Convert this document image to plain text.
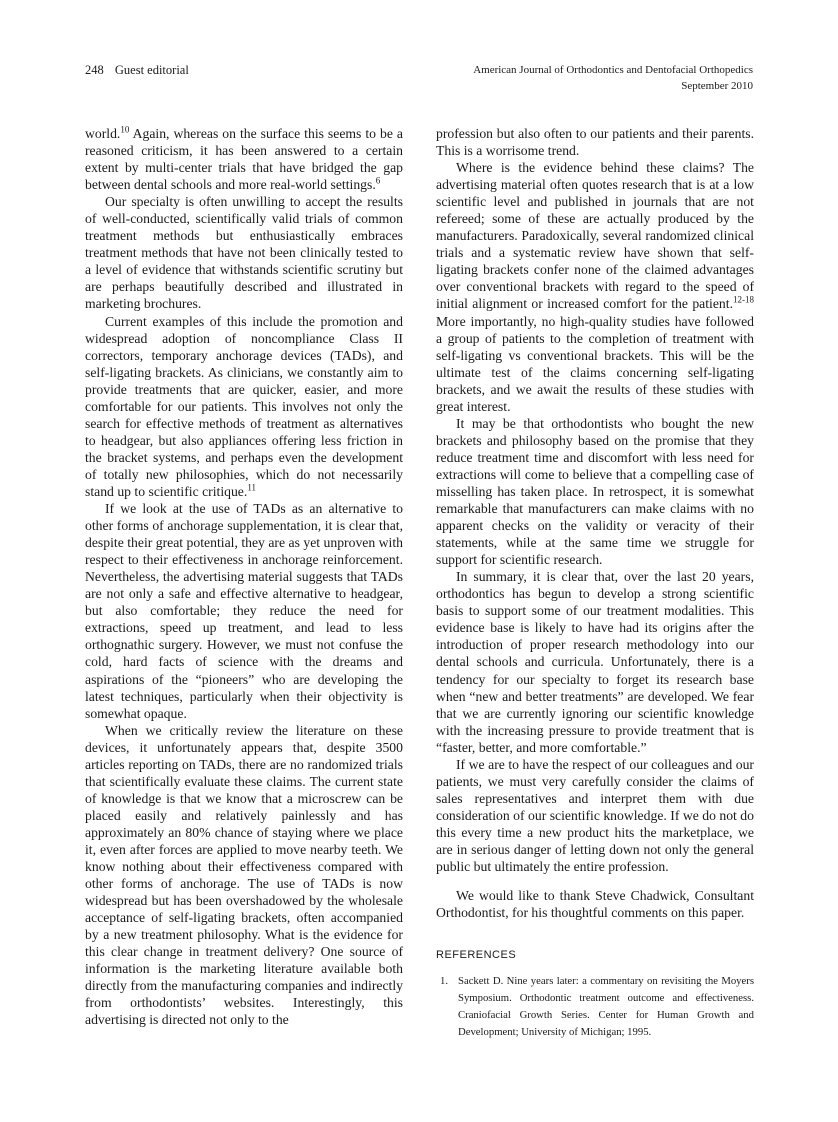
248 Guest editorial	American Journal of Orthodontics and Dentofacial Orthopedics
September 2010

world.$^{10}$ Again, whereas on the surface this seems to be a reasoned criticism, it has been answered to a certain extent by multi-center trials that have bridged the gap between dental schools and more real-world settings.$^6$

Our specialty is often unwilling to accept the results of well-conducted, scientifically valid trials of common treatment methods but enthusiastically embraces treatment methods that have not been clinically tested to a level of evidence that withstands scientific scrutiny but are perhaps beautifully described and illustrated in marketing brochures.

Current examples of this include the promotion and widespread adoption of noncompliance Class II correctors, temporary anchorage devices (TADs), and self-ligating brackets. As clinicians, we constantly aim to provide treatments that are quicker, easier, and more comfortable for our patients. This involves not only the search for effective methods of treatment as alternatives to headgear, but also appliances offering less friction in the bracket systems, and perhaps even the development of totally new philosophies, which do not necessarily stand up to scientific critique.$^{11}$

If we look at the use of TADs as an alternative to other forms of anchorage supplementation, it is clear that, despite their great potential, they are as yet unproven with respect to their effectiveness in anchorage reinforcement. Nevertheless, the advertising material suggests that TADs are not only a safe and effective alternative to headgear, but also comfortable; they reduce the need for extractions, speed up treatment, and lead to less orthognathic surgery. However, we must not confuse the cold, hard facts of science with the dreams and aspirations of the “pioneers” who are developing the latest techniques, particularly when their objectivity is somewhat opaque.

When we critically review the literature on these devices, it unfortunately appears that, despite 3500 articles reporting on TADs, there are no randomized trials that scientifically evaluate these claims. The current state of knowledge is that we know that a microscrew can be placed easily and relatively painlessly and has approximately an 80% chance of staying where we place it, even after forces are applied to move nearby teeth. We know nothing about their effectiveness compared with other forms of anchorage. The use of TADs is now widespread but has been overshadowed by the wholesale acceptance of self-ligating brackets, often accompanied by a new treatment philosophy. What is the evidence for this clear change in treatment delivery? One source of information is the marketing literature available both directly from the manufacturing companies and indirectly from orthodontists’ websites. Interestingly, this advertising is directed not only to the

profession but also often to our patients and their parents. This is a worrisome trend.

Where is the evidence behind these claims? The advertising material often quotes research that is at a low scientific level and published in journals that are not refereed; some of these are actually produced by the manufacturers. Paradoxically, several randomized clinical trials and a systematic review have shown that self-ligating brackets confer none of the claimed advantages over conventional brackets with regard to the speed of initial alignment or increased comfort for the patient.$^{12-18}$ More importantly, no high-quality studies have followed a group of patients to the completion of treatment with self-ligating vs conventional brackets. This will be the ultimate test of the claims concerning self-ligating brackets, and we await the results of these studies with great interest.

It may be that orthodontists who bought the new brackets and philosophy based on the promise that they reduce treatment time and discomfort with less need for extractions will come to believe that a compelling case of misselling has taken place. In retrospect, it is somewhat remarkable that manufacturers can make claims with no apparent checks on the validity or veracity of their statements, while at the same time we struggle for support for scientific research.

In summary, it is clear that, over the last 20 years, orthodontics has begun to develop a strong scientific basis to support some of our treatment modalities. This evidence base is likely to have had its origins after the introduction of proper research methodology into our dental schools and curricula. Unfortunately, there is a tendency for our specialty to forget its research base when “new and better treatments” are developed. We fear that we are currently ignoring our scientific knowledge with the increasing pressure to provide treatment that is “faster, better, and more comfortable.”

If we are to have the respect of our colleagues and our patients, we must very carefully consider the claims of sales representatives and interpret them with due consideration of our scientific knowledge. If we do not do this every time a new product hits the marketplace, we are in serious danger of letting down not only the general public but ultimately the entire profession.

We would like to thank Steve Chadwick, Consultant Orthodontist, for his thoughtful comments on this paper.

REFERENCES
1. Sackett D. Nine years later: a commentary on revisiting the Moyers Symposium. Orthodontic treatment outcome and effectiveness. Craniofacial Growth Series. Center for Human Growth and Development; University of Michigan; 1995.
